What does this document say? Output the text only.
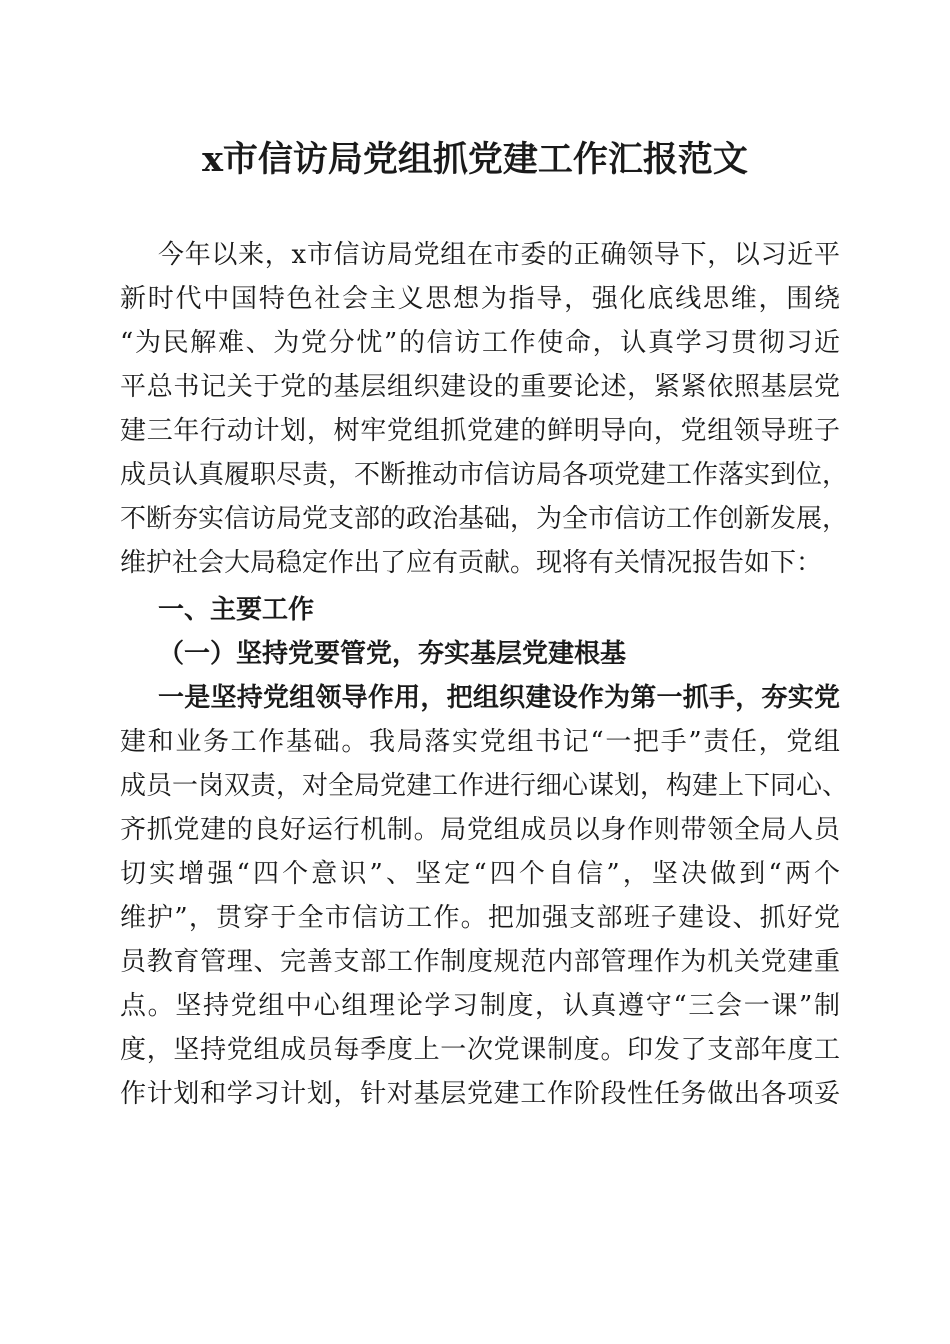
x市信访局党组抓党建工作汇报范文

今年以来，x市信访局党组在市委的正确领导下，以习近平

新时代中国特色社会主义思想为指导，强化底线思维，围绕

“为民解难、为党分忧”的信访工作使命，认真学习贯彻习近

平总书记关于党的基层组织建设的重要论述，紧紧依照基层党

建三年行动计划，树牢党组抓党建的鲜明导向，党组领导班子

成员认真履职尽责，不断推动市信访局各项党建工作落实到位，

不断夯实信访局党支部的政治基础，为全市信访工作创新发展，

维护社会大局稳定作出了应有贡献。现将有关情况报告如下：

一、主要工作

（一）坚持党要管党，夯实基层党建根基

一是坚持党组领导作用，把组织建设作为第一抓手，夯实党

建和业务工作基础。我局落实党组书记“一把手”责任，党组

成员一岗双责，对全局党建工作进行细心谋划，构建上下同心、

齐抓党建的良好运行机制。局党组成员以身作则带领全局人员

切实增强“四个意识”、坚定“四个自信”，坚决做到“两个

维护”，贯穿于全市信访工作。把加强支部班子建设、抓好党

员教育管理、完善支部工作制度规范内部管理作为机关党建重

点。坚持党组中心组理论学习制度，认真遵守“三会一课”制

度，坚持党组成员每季度上一次党课制度。印发了支部年度工

作计划和学习计划，针对基层党建工作阶段性任务做出各项妥
